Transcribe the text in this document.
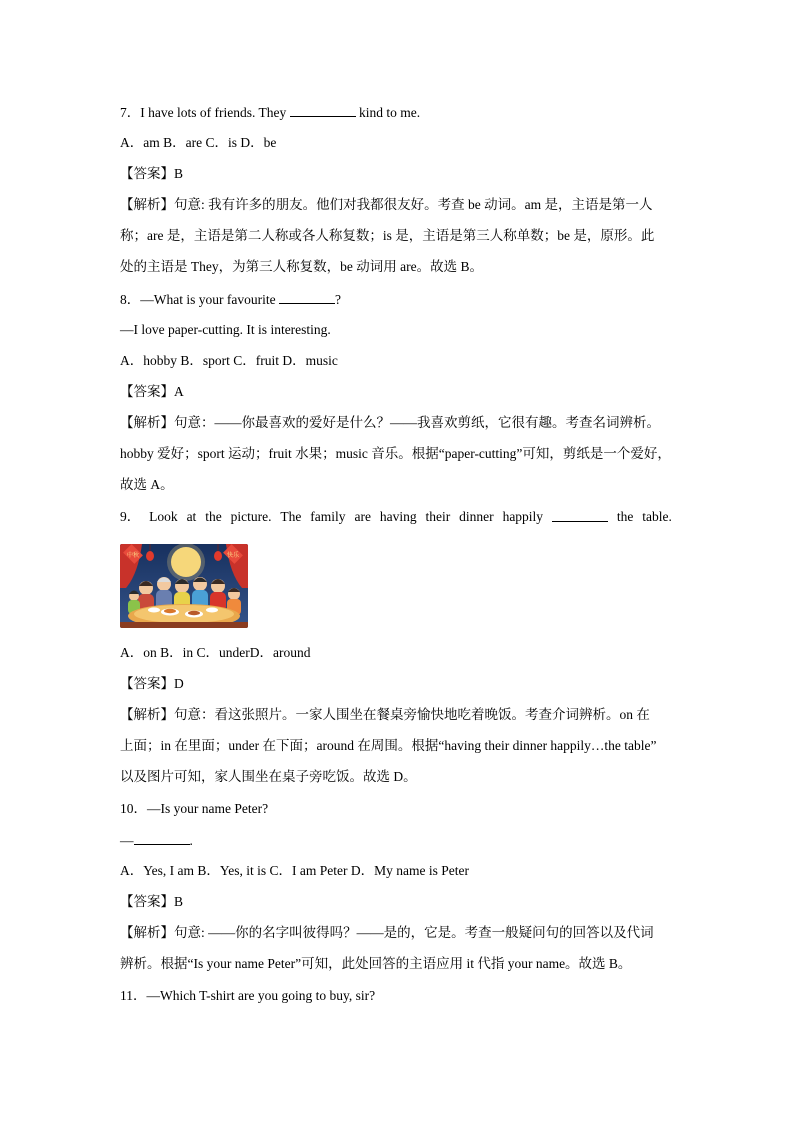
7．I have lots of friends. They	kind to me.
A．am B．are C．is D．be
【答案】B
【解析】句意: 我有许多的朋友。他们对我都很友好。考查 be 动词。am 是，主语是第一人
称；are 是，主语是第二人称或各人称复数；is 是，主语是第三人称单数；be 是，原形。此
处的主语是 They，为第三人称复数，be 动词用 are。故选 B。
8．—What is your favourite	?
—I love paper-cutting. It is interesting.
A．hobby B．sport C．fruit D．music
【答案】A
【解析】句意：——你最喜欢的爱好是什么？——我喜欢剪纸，它很有趣。考查名词辨析。
hobby 爱好；sport 运动；fruit 水果；music 音乐。根据“paper-cutting”可知，剪纸是一个爱好，
故选 A。
9． Look at the picture. The family are having their dinner happily	the table.
中秋	快乐
A．on B．in C．underD．around
【答案】D
【解析】句意：看这张照片。一家人围坐在餐桌旁愉快地吃着晚饭。考查介词辨析。on 在
上面；in 在里面；under 在下面；around 在周围。根据“having their dinner happily…the table”
以及图片可知，家人围坐在桌子旁吃饭。故选 D。
10．—Is your name Peter?
—	.
A．Yes, I am B．Yes, it is C．I am Peter D．My name is Peter
【答案】B
【解析】句意: ——你的名字叫彼得吗？——是的，它是。考查一般疑问句的回答以及代词
辨析。根据“Is your name Peter”可知，此处回答的主语应用 it 代指 your name。故选 B。
11．—Which T-shirt are you going to buy, sir?
